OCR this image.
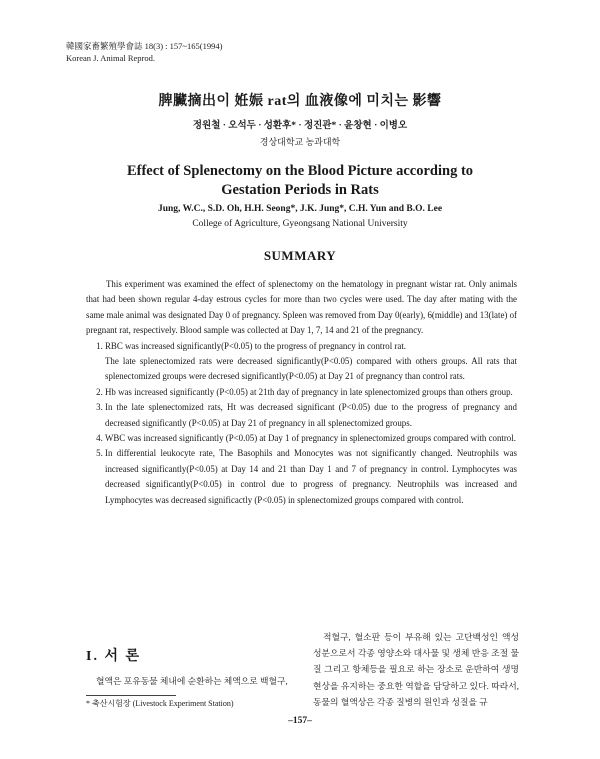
韓國家畜繁殖學會誌 18(3) : 157~165(1994)
Korean J. Animal Reprod.
脾臟摘出이 姙娠 rat의 血液像에 미치는 影響
정원철 · 오석두 · 성환후* · 정진관* · 윤창현 · 이병오
경상대학교 농과대학
Effect of Splenectomy on the Blood Picture according to
Gestation Periods in Rats
Jung, W.C., S.D. Oh, H.H. Seong*, J.K. Jung*, C.H. Yun and B.O. Lee
College of Agriculture, Gyeongsang National University
SUMMARY

This experiment was examined the effect of splenectomy on the hematology in pregnant wistar rat. Only animals that had been shown regular 4-day estrous cycles for more than two cycles were used. The day after mating with the same male animal was designated Day 0 of pregnancy. Spleen was removed from Day 0(early), 6(middle) and 13(late) of pregnant rat, respectively. Blood sample was collected at Day 1, 7, 14 and 21 of the pregnancy.

1. RBC was increased significantly(P<0.05) to the progress of pregnancy in control rat.
The late splenectomized rats were decreased significantly(P<0.05) compared with others groups. All rats that splenectomized groups were decresed significantly(P<0.05) at Day 21 of pregnancy than control rats.
2. Hb was increased significantly (P<0.05) at 21th day of pregnancy in late splenectomized groups than others group.
3. In the late splenectomized rats, Ht was decreased significant (P<0.05) due to the progress of pregnancy and decreased significantly (P<0.05) at Day 21 of pregnancy in all splenectomized groups.
4. WBC was increased significantly (P<0.05) at Day 1 of pregnancy in splenectomized groups compared with control.
5. In differential leukocyte rate, The Basophils and Monocytes was not significantly changed. Neutrophils was increased significantly(P<0.05) at Day 14 and 21 than Day 1 and 7 of pregnancy in control. Lymphocytes was decreased significantly(P<0.05) in control due to progress of pregnancy. Neutrophils was increased and Lymphocytes was decreased significactly (P<0.05) in splenectomized groups compared with control.
I. 서 론
혈액은 포유동물 체내에 순환하는 체액으로 백혈구,
* 축산시험장 (Livestock Experiment Station)
적혈구, 혈소판 등이 부유해 있는 고단백성인 액성 성분으로서 각종 영양소와 대사물 및 생체 반응 조절 물질 그리고 항체등을 필요로 하는 장소로 운반하여 생명현상을 유지하는 중요한 역할을 담당하고 있다. 따라서, 동물의 혈액상은 각종 질병의 원인과 성질을 규
–157–
